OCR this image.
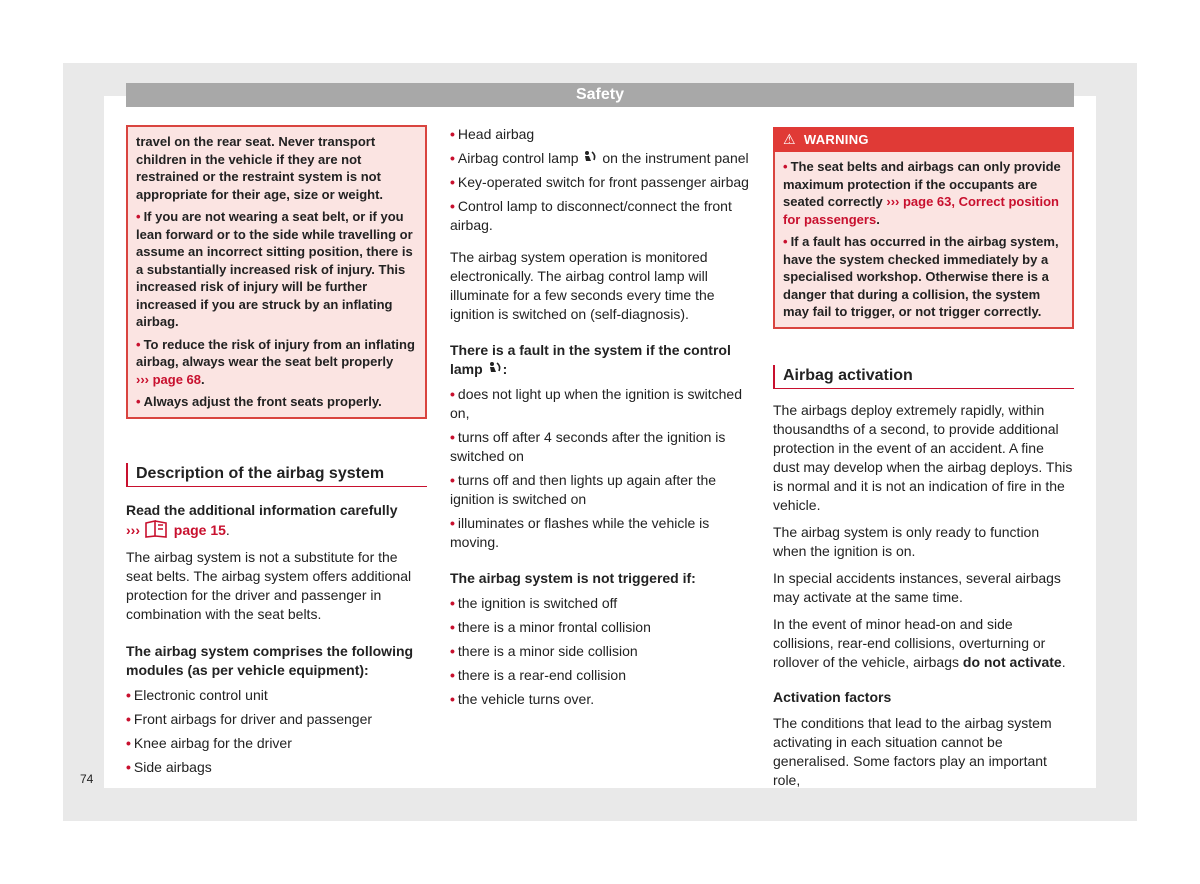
Safety

travel on the rear seat. Never transport children in the vehicle if they are not restrained or the restraint system is not appropriate for their age, size or weight.

• If you are not wearing a seat belt, or if you lean forward or to the side while travelling or assume an incorrect sitting position, there is a substantially increased risk of injury. This increased risk of injury will be further increased if you are struck by an inflating airbag.

• To reduce the risk of injury from an inflating airbag, always wear the seat belt properly
››› page 68.

• Always adjust the front seats properly.

Description of the airbag system

Read the additional information carefully

››› page 15.

The airbag system is not a substitute for the seat belts. The airbag system offers additional protection for the driver and passenger in combination with the seat belts.

The airbag system comprises the following modules (as per vehicle equipment):

• Electronic control unit

• Front airbags for driver and passenger

• Knee airbag for the driver

• Side airbags

• Head airbag

• Airbag control lamp on the instrument panel

• Key-operated switch for front passenger airbag

• Control lamp to disconnect/connect the front airbag.

The airbag system operation is monitored electronically. The airbag control lamp will illuminate for a few seconds every time the ignition is switched on (self-diagnosis).

There is a fault in the system if the control lamp :

• does not light up when the ignition is switched on,

• turns off after 4 seconds after the ignition is switched on

• turns off and then lights up again after the ignition is switched on

• illuminates or flashes while the vehicle is moving.

The airbag system is not triggered if:

• the ignition is switched off

• there is a minor frontal collision

• there is a minor side collision

• there is a rear-end collision

• the vehicle turns over.

⚠ WARNING

• The seat belts and airbags can only provide maximum protection if the occupants are seated correctly ››› page 63, Correct position for passengers.

• If a fault has occurred in the airbag system, have the system checked immediately by a specialised workshop. Otherwise there is a danger that during a collision, the system may fail to trigger, or not trigger correctly.

Airbag activation

The airbags deploy extremely rapidly, within thousandths of a second, to provide additional protection in the event of an accident. A fine dust may develop when the airbag deploys. This is normal and it is not an indication of fire in the vehicle.

The airbag system is only ready to function when the ignition is on.

In special accidents instances, several airbags may activate at the same time.

In the event of minor head-on and side collisions, rear-end collisions, overturning or rollover of the vehicle, airbags do not activate.

Activation factors

The conditions that lead to the airbag system activating in each situation cannot be generalised. Some factors play an important role,

74
